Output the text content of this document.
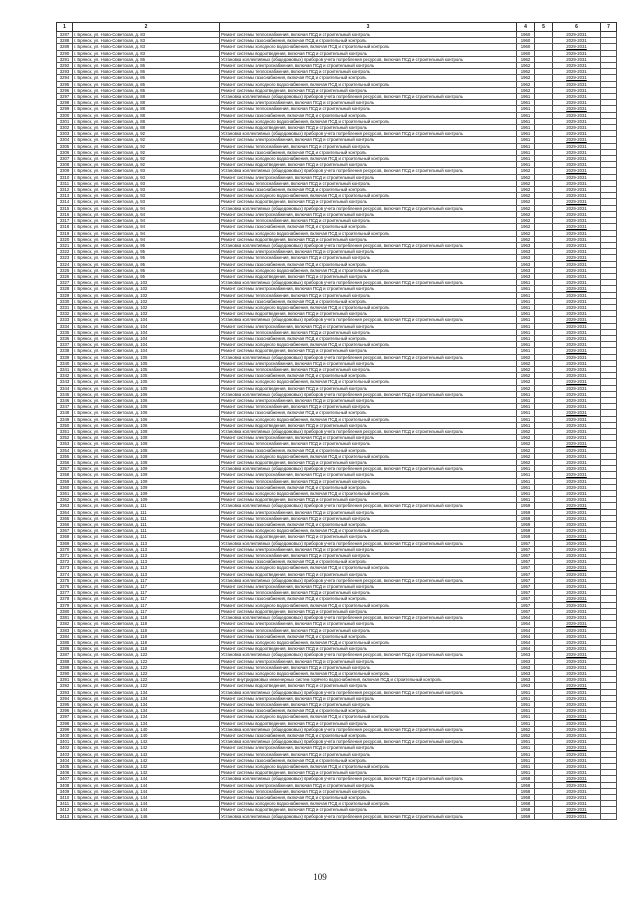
1	2	3	4	5	6	7
3287	г. Брянск, ул. Ново-Советская, д. 83	Ремонт системы теплоснабжения, включая ПСД и строительный контроль	1960		2029-2031	
3288	г. Брянск, ул. Ново-Советская, д. 83	Ремонт системы газоснабжения, включая ПСД и строительный контроль	1960		2029-2031	
3289	г. Брянск, ул. Ново-Советская, д. 83	Ремонт системы холодного водоснабжения, включая ПСД и строительный контроль	1960		2029-2031	
3290	г. Брянск, ул. Ново-Советская, д. 83	Ремонт системы водоотведения, включая ПСД и строительный контроль	1960		2029-2031	
3291	г. Брянск, ул. Ново-Советская, д. 86	Установка коллективных (общедомовых) приборов учета потребления ресурсов, включая ПСД и строительный контроль	1962		2029-2031	
3292	г. Брянск, ул. Ново-Советская, д. 86	Ремонт системы электроснабжения, включая ПСД и строительный контроль	1962		2029-2031	
3293	г. Брянск, ул. Ново-Советская, д. 86	Ремонт системы теплоснабжения, включая ПСД и строительный контроль	1962		2029-2031	
3294	г. Брянск, ул. Ново-Советская, д. 86	Ремонт системы газоснабжения, включая ПСД и строительный контроль	1962		2029-2031	
3295	г. Брянск, ул. Ново-Советская, д. 86	Ремонт системы холодного водоснабжения, включая ПСД и строительный контроль	1962		2029-2031	
3296	г. Брянск, ул. Ново-Советская, д. 86	Ремонт системы водоотведения, включая ПСД и строительный контроль	1962		2029-2031	
3297	г. Брянск, ул. Ново-Советская, д. 88	Установка коллективных (общедомовых) приборов учета потребления ресурсов, включая ПСД и строительный контроль	1961		2029-2031	
3298	г. Брянск, ул. Ново-Советская, д. 88	Ремонт системы электроснабжения, включая ПСД и строительный контроль	1961		2029-2031	
3299	г. Брянск, ул. Ново-Советская, д. 88	Ремонт системы теплоснабжения, включая ПСД и строительный контроль	1961		2029-2031	
3300	г. Брянск, ул. Ново-Советская, д. 88	Ремонт системы газоснабжения, включая ПСД и строительный контроль	1961		2029-2031	
3301	г. Брянск, ул. Ново-Советская, д. 88	Ремонт системы холодного водоснабжения, включая ПСД и строительный контроль	1961		2029-2031	
3302	г. Брянск, ул. Ново-Советская, д. 88	Ремонт системы водоотведения, включая ПСД и строительный контроль	1961		2029-2031	
3303	г. Брянск, ул. Ново-Советская, д. 92	Установка коллективных (общедомовых) приборов учета потребления ресурсов, включая ПСД и строительный контроль	1961		2029-2031	
3304	г. Брянск, ул. Ново-Советская, д. 92	Ремонт системы электроснабжения, включая ПСД и строительный контроль	1961		2029-2031	
3305	г. Брянск, ул. Ново-Советская, д. 92	Ремонт системы теплоснабжения, включая ПСД и строительный контроль	1961		2029-2031	
3306	г. Брянск, ул. Ново-Советская, д. 92	Ремонт системы газоснабжения, включая ПСД и строительный контроль	1961		2029-2031	
3307	г. Брянск, ул. Ново-Советская, д. 92	Ремонт системы холодного водоснабжения, включая ПСД и строительный контроль	1961		2029-2031	
3308	г. Брянск, ул. Ново-Советская, д. 92	Ремонт системы водоотведения, включая ПСД и строительный контроль	1961		2029-2031	
3309	г. Брянск, ул. Ново-Советская, д. 93	Установка коллективных (общедомовых) приборов учета потребления ресурсов, включая ПСД и строительный контроль	1962		2029-2031	
3310	г. Брянск, ул. Ново-Советская, д. 93	Ремонт системы электроснабжения, включая ПСД и строительный контроль	1962		2029-2031	
3311	г. Брянск, ул. Ново-Советская, д. 93	Ремонт системы теплоснабжения, включая ПСД и строительный контроль	1962		2029-2031	
3312	г. Брянск, ул. Ново-Советская, д. 93	Ремонт системы газоснабжения, включая ПСД и строительный контроль	1962		2029-2031	
3313	г. Брянск, ул. Ново-Советская, д. 93	Ремонт системы холодного водоснабжения, включая ПСД и строительный контроль	1962		2029-2031	
3314	г. Брянск, ул. Ново-Советская, д. 93	Ремонт системы водоотведения, включая ПСД и строительный контроль	1962		2029-2031	
3315	г. Брянск, ул. Ново-Советская, д. 94	Установка коллективных (общедомовых) приборов учета потребления ресурсов, включая ПСД и строительный контроль	1962		2029-2031	
3316	г. Брянск, ул. Ново-Советская, д. 94	Ремонт системы электроснабжения, включая ПСД и строительный контроль	1962		2029-2031	
3317	г. Брянск, ул. Ново-Советская, д. 94	Ремонт системы теплоснабжения, включая ПСД и строительный контроль	1962		2029-2031	
3318	г. Брянск, ул. Ново-Советская, д. 94	Ремонт системы газоснабжения, включая ПСД и строительный контроль	1962		2029-2031	
3319	г. Брянск, ул. Ново-Советская, д. 94	Ремонт системы холодного водоснабжения, включая ПСД и строительный контроль	1962		2029-2031	
3320	г. Брянск, ул. Ново-Советская, д. 94	Ремонт системы водоотведения, включая ПСД и строительный контроль	1962		2029-2031	
3321	г. Брянск, ул. Ново-Советская, д. 95	Установка коллективных (общедомовых) приборов учета потребления ресурсов, включая ПСД и строительный контроль	1963		2029-2031	
3322	г. Брянск, ул. Ново-Советская, д. 95	Ремонт системы электроснабжения, включая ПСД и строительный контроль	1963		2029-2031	
3323	г. Брянск, ул. Ново-Советская, д. 95	Ремонт системы теплоснабжения, включая ПСД и строительный контроль	1963		2029-2031	
3324	г. Брянск, ул. Ново-Советская, д. 95	Ремонт системы газоснабжения, включая ПСД и строительный контроль	1963		2029-2031	
3325	г. Брянск, ул. Ново-Советская, д. 95	Ремонт системы холодного водоснабжения, включая ПСД и строительный контроль	1963		2029-2031	
3326	г. Брянск, ул. Ново-Советская, д. 95	Ремонт системы водоотведения, включая ПСД и строительный контроль	1963		2029-2031	
3327	г. Брянск, ул. Ново-Советская, д. 102	Установка коллективных (общедомовых) приборов учета потребления ресурсов, включая ПСД и строительный контроль	1961		2029-2031	
3328	г. Брянск, ул. Ново-Советская, д. 102	Ремонт системы электроснабжения, включая ПСД и строительный контроль	1961		2029-2031	
3329	г. Брянск, ул. Ново-Советская, д. 102	Ремонт системы теплоснабжения, включая ПСД и строительный контроль	1961		2029-2031	
3330	г. Брянск, ул. Ново-Советская, д. 102	Ремонт системы газоснабжения, включая ПСД и строительный контроль	1961		2029-2031	
3331	г. Брянск, ул. Ново-Советская, д. 102	Ремонт системы холодного водоснабжения, включая ПСД и строительный контроль	1961		2029-2031	
3332	г. Брянск, ул. Ново-Советская, д. 102	Ремонт системы водоотведения, включая ПСД и строительный контроль	1961		2029-2031	
3333	г. Брянск, ул. Ново-Советская, д. 104	Установка коллективных (общедомовых) приборов учета потребления ресурсов, включая ПСД и строительный контроль	1961		2029-2031	
3334	г. Брянск, ул. Ново-Советская, д. 104	Ремонт системы электроснабжения, включая ПСД и строительный контроль	1961		2029-2031	
3335	г. Брянск, ул. Ново-Советская, д. 104	Ремонт системы теплоснабжения, включая ПСД и строительный контроль	1961		2029-2031	
3336	г. Брянск, ул. Ново-Советская, д. 104	Ремонт системы газоснабжения, включая ПСД и строительный контроль	1961		2029-2031	
3337	г. Брянск, ул. Ново-Советская, д. 104	Ремонт системы холодного водоснабжения, включая ПСД и строительный контроль	1961		2029-2031	
3338	г. Брянск, ул. Ново-Советская, д. 104	Ремонт системы водоотведения, включая ПСД и строительный контроль	1961		2029-2031	
3339	г. Брянск, ул. Ново-Советская, д. 105	Установка коллективных (общедомовых) приборов учета потребления ресурсов, включая ПСД и строительный контроль	1962		2029-2031	
3340	г. Брянск, ул. Ново-Советская, д. 105	Ремонт системы электроснабжения, включая ПСД и строительный контроль	1962		2029-2031	
3341	г. Брянск, ул. Ново-Советская, д. 105	Ремонт системы теплоснабжения, включая ПСД и строительный контроль	1962		2029-2031	
3342	г. Брянск, ул. Ново-Советская, д. 105	Ремонт системы газоснабжения, включая ПСД и строительный контроль	1962		2029-2031	
3343	г. Брянск, ул. Ново-Советская, д. 105	Ремонт системы холодного водоснабжения, включая ПСД и строительный контроль	1962		2029-2031	
3344	г. Брянск, ул. Ново-Советская, д. 105	Ремонт системы водоотведения, включая ПСД и строительный контроль	1962		2029-2031	
3345	г. Брянск, ул. Ново-Советская, д. 106	Установка коллективных (общедомовых) приборов учета потребления ресурсов, включая ПСД и строительный контроль	1961		2029-2031	
3346	г. Брянск, ул. Ново-Советская, д. 106	Ремонт системы электроснабжения, включая ПСД и строительный контроль	1961		2029-2031	
3347	г. Брянск, ул. Ново-Советская, д. 106	Ремонт системы теплоснабжения, включая ПСД и строительный контроль	1961		2029-2031	
3348	г. Брянск, ул. Ново-Советская, д. 106	Ремонт системы газоснабжения, включая ПСД и строительный контроль	1961		2029-2031	
3349	г. Брянск, ул. Ново-Советская, д. 106	Ремонт системы холодного водоснабжения, включая ПСД и строительный контроль	1961		2029-2031	
3350	г. Брянск, ул. Ново-Советская, д. 106	Ремонт системы водоотведения, включая ПСД и строительный контроль	1961		2029-2031	
3351	г. Брянск, ул. Ново-Советская, д. 108	Установка коллективных (общедомовых) приборов учета потребления ресурсов, включая ПСД и строительный контроль	1962		2029-2031	
3352	г. Брянск, ул. Ново-Советская, д. 108	Ремонт системы электроснабжения, включая ПСД и строительный контроль	1962		2029-2031	
3353	г. Брянск, ул. Ново-Советская, д. 108	Ремонт системы теплоснабжения, включая ПСД и строительный контроль	1962		2029-2031	
3354	г. Брянск, ул. Ново-Советская, д. 108	Ремонт системы газоснабжения, включая ПСД и строительный контроль	1962		2029-2031	
3355	г. Брянск, ул. Ново-Советская, д. 108	Ремонт системы холодного водоснабжения, включая ПСД и строительный контроль	1962		2029-2031	
3356	г. Брянск, ул. Ново-Советская, д. 108	Ремонт системы водоотведения, включая ПСД и строительный контроль	1962		2029-2031	
3357	г. Брянск, ул. Ново-Советская, д. 109	Установка коллективных (общедомовых) приборов учета потребления ресурсов, включая ПСД и строительный контроль	1961		2029-2031	
3358	г. Брянск, ул. Ново-Советская, д. 109	Ремонт системы электроснабжения, включая ПСД и строительный контроль	1961		2029-2031	
3359	г. Брянск, ул. Ново-Советская, д. 109	Ремонт системы теплоснабжения, включая ПСД и строительный контроль	1961		2029-2031	
3360	г. Брянск, ул. Ново-Советская, д. 109	Ремонт системы газоснабжения, включая ПСД и строительный контроль	1961		2029-2031	
3361	г. Брянск, ул. Ново-Советская, д. 109	Ремонт системы холодного водоснабжения, включая ПСД и строительный контроль	1961		2029-2031	
3362	г. Брянск, ул. Ново-Советская, д. 109	Ремонт системы водоотведения, включая ПСД и строительный контроль	1961		2029-2031	
3363	г. Брянск, ул. Ново-Советская, д. 111	Установка коллективных (общедомовых) приборов учета потребления ресурсов, включая ПСД и строительный контроль	1959		2029-2031	
3364	г. Брянск, ул. Ново-Советская, д. 111	Ремонт системы электроснабжения, включая ПСД и строительный контроль	1959		2029-2031	
3365	г. Брянск, ул. Ново-Советская, д. 111	Ремонт системы теплоснабжения, включая ПСД и строительный контроль	1959		2029-2031	
3366	г. Брянск, ул. Ново-Советская, д. 111	Ремонт системы газоснабжения, включая ПСД и строительный контроль	1959		2029-2031	
3367	г. Брянск, ул. Ново-Советская, д. 111	Ремонт системы холодного водоснабжения, включая ПСД и строительный контроль	1959		2029-2031	
3368	г. Брянск, ул. Ново-Советская, д. 111	Ремонт системы водоотведения, включая ПСД и строительный контроль	1959		2029-2031	
3369	г. Брянск, ул. Ново-Советская, д. 113	Установка коллективных (общедомовых) приборов учета потребления ресурсов, включая ПСД и строительный контроль	1957		2029-2031	
3370	г. Брянск, ул. Ново-Советская, д. 113	Ремонт системы электроснабжения, включая ПСД и строительный контроль	1957		2029-2031	
3371	г. Брянск, ул. Ново-Советская, д. 113	Ремонт системы теплоснабжения, включая ПСД и строительный контроль	1957		2029-2031	
3372	г. Брянск, ул. Ново-Советская, д. 113	Ремонт системы газоснабжения, включая ПСД и строительный контроль	1957		2029-2031	
3373	г. Брянск, ул. Ново-Советская, д. 113	Ремонт системы холодного водоснабжения, включая ПСД и строительный контроль	1957		2029-2031	
3374	г. Брянск, ул. Ново-Советская, д. 113	Ремонт системы водоотведения, включая ПСД и строительный контроль	1957		2029-2031	
3375	г. Брянск, ул. Ново-Советская, д. 117	Установка коллективных (общедомовых) приборов учета потребления ресурсов, включая ПСД и строительный контроль	1957		2029-2031	
3376	г. Брянск, ул. Ново-Советская, д. 117	Ремонт системы электроснабжения, включая ПСД и строительный контроль	1957		2029-2031	
3377	г. Брянск, ул. Ново-Советская, д. 117	Ремонт системы теплоснабжения, включая ПСД и строительный контроль	1957		2029-2031	
3378	г. Брянск, ул. Ново-Советская, д. 117	Ремонт системы газоснабжения, включая ПСД и строительный контроль	1957		2029-2031	
3379	г. Брянск, ул. Ново-Советская, д. 117	Ремонт системы холодного водоснабжения, включая ПСД и строительный контроль	1957		2029-2031	
3380	г. Брянск, ул. Ново-Советская, д. 117	Ремонт системы водоотведения, включая ПСД и строительный контроль	1957		2029-2031	
3381	г. Брянск, ул. Ново-Советская, д. 118	Установка коллективных (общедомовых) приборов учета потребления ресурсов, включая ПСД и строительный контроль	1964		2029-2031	
3382	г. Брянск, ул. Ново-Советская, д. 118	Ремонт системы электроснабжения, включая ПСД и строительный контроль	1964		2029-2031	
3383	г. Брянск, ул. Ново-Советская, д. 118	Ремонт системы теплоснабжения, включая ПСД и строительный контроль	1964		2029-2031	
3384	г. Брянск, ул. Ново-Советская, д. 118	Ремонт системы газоснабжения, включая ПСД и строительный контроль	1964		2029-2031	
3385	г. Брянск, ул. Ново-Советская, д. 118	Ремонт системы холодного водоснабжения, включая ПСД и строительный контроль	1964		2029-2031	
3386	г. Брянск, ул. Ново-Советская, д. 118	Ремонт системы водоотведения, включая ПСД и строительный контроль	1964		2029-2031	
3387	г. Брянск, ул. Ново-Советская, д. 122	Установка коллективных (общедомовых) приборов учета потребления ресурсов, включая ПСД и строительный контроль	1963		2029-2031	
3388	г. Брянск, ул. Ново-Советская, д. 122	Ремонт системы электроснабжения, включая ПСД и строительный контроль	1963		2029-2031	
3389	г. Брянск, ул. Ново-Советская, д. 122	Ремонт системы теплоснабжения, включая ПСД и строительный контроль	1963		2029-2031	
3390	г. Брянск, ул. Ново-Советская, д. 122	Ремонт системы холодного водоснабжения, включая ПСД и строительный контроль	1963		2029-2031	
3391	г. Брянск, ул. Ново-Советская, д. 122	Ремонт внутридомовых инженерных систем горячего водоснабжения, включая ПСД и строительный контроль	1963		2029-2031	
3392	г. Брянск, ул. Ново-Советская, д. 122	Ремонт системы водоотведения, включая ПСД и строительный контроль	1963		2029-2031	
3393	г. Брянск, ул. Ново-Советская, д. 134	Установка коллективных (общедомовых) приборов учета потребления ресурсов, включая ПСД и строительный контроль	1951		2029-2031	
3394	г. Брянск, ул. Ново-Советская, д. 134	Ремонт системы электроснабжения, включая ПСД и строительный контроль	1951		2029-2031	
3395	г. Брянск, ул. Ново-Советская, д. 134	Ремонт системы теплоснабжения, включая ПСД и строительный контроль	1951		2029-2031	
3396	г. Брянск, ул. Ново-Советская, д. 134	Ремонт системы газоснабжения, включая ПСД и строительный контроль	1951		2029-2031	
3397	г. Брянск, ул. Ново-Советская, д. 134	Ремонт системы холодного водоснабжения, включая ПСД и строительный контроль	1951		2029-2031	
3398	г. Брянск, ул. Ново-Советская, д. 134	Ремонт системы водоотведения, включая ПСД и строительный контроль	1951		2029-2031	
3399	г. Брянск, ул. Ново-Советская, д. 140	Установка коллективных (общедомовых) приборов учета потребления ресурсов, включая ПСД и строительный контроль	1952		2029-2031	
3400	г. Брянск, ул. Ново-Советская, д. 140	Ремонт системы газоснабжения, включая ПСД и строительный контроль	1952		2029-2031	
3401	г. Брянск, ул. Ново-Советская, д. 142	Установка коллективных (общедомовых) приборов учета потребления ресурсов, включая ПСД и строительный контроль	1951		2029-2031	
3402	г. Брянск, ул. Ново-Советская, д. 142	Ремонт системы электроснабжения, включая ПСД и строительный контроль	1951		2029-2031	
3403	г. Брянск, ул. Ново-Советская, д. 142	Ремонт системы теплоснабжения, включая ПСД и строительный контроль	1951		2029-2031	
3404	г. Брянск, ул. Ново-Советская, д. 142	Ремонт системы газоснабжения, включая ПСД и строительный контроль	1951		2029-2031	
3405	г. Брянск, ул. Ново-Советская, д. 142	Ремонт системы холодного водоснабжения, включая ПСД и строительный контроль	1951		2029-2031	
3406	г. Брянск, ул. Ново-Советская, д. 142	Ремонт системы водоотведения, включая ПСД и строительный контроль	1951		2029-2031	
3407	г. Брянск, ул. Ново-Советская, д. 144	Установка коллективных (общедомовых) приборов учета потребления ресурсов, включая ПСД и строительный контроль	1958		2029-2031	
3408	г. Брянск, ул. Ново-Советская, д. 144	Ремонт системы электроснабжения, включая ПСД и строительный контроль	1958		2029-2031	
3409	г. Брянск, ул. Ново-Советская, д. 144	Ремонт системы теплоснабжения, включая ПСД и строительный контроль	1958		2029-2031	
3410	г. Брянск, ул. Ново-Советская, д. 144	Ремонт системы газоснабжения, включая ПСД и строительный контроль	1958		2029-2031	
3411	г. Брянск, ул. Ново-Советская, д. 144	Ремонт системы холодного водоснабжения, включая ПСД и строительный контроль	1958		2029-2031	
3412	г. Брянск, ул. Ново-Советская, д. 144	Ремонт системы водоотведения, включая ПСД и строительный контроль	1958		2029-2031	
3413	г. Брянск, ул. Ново-Советская, д. 146	Установка коллективных (общедомовых) приборов учета потребления ресурсов, включая ПСД и строительный контроль	1959		2029-2031	
109
